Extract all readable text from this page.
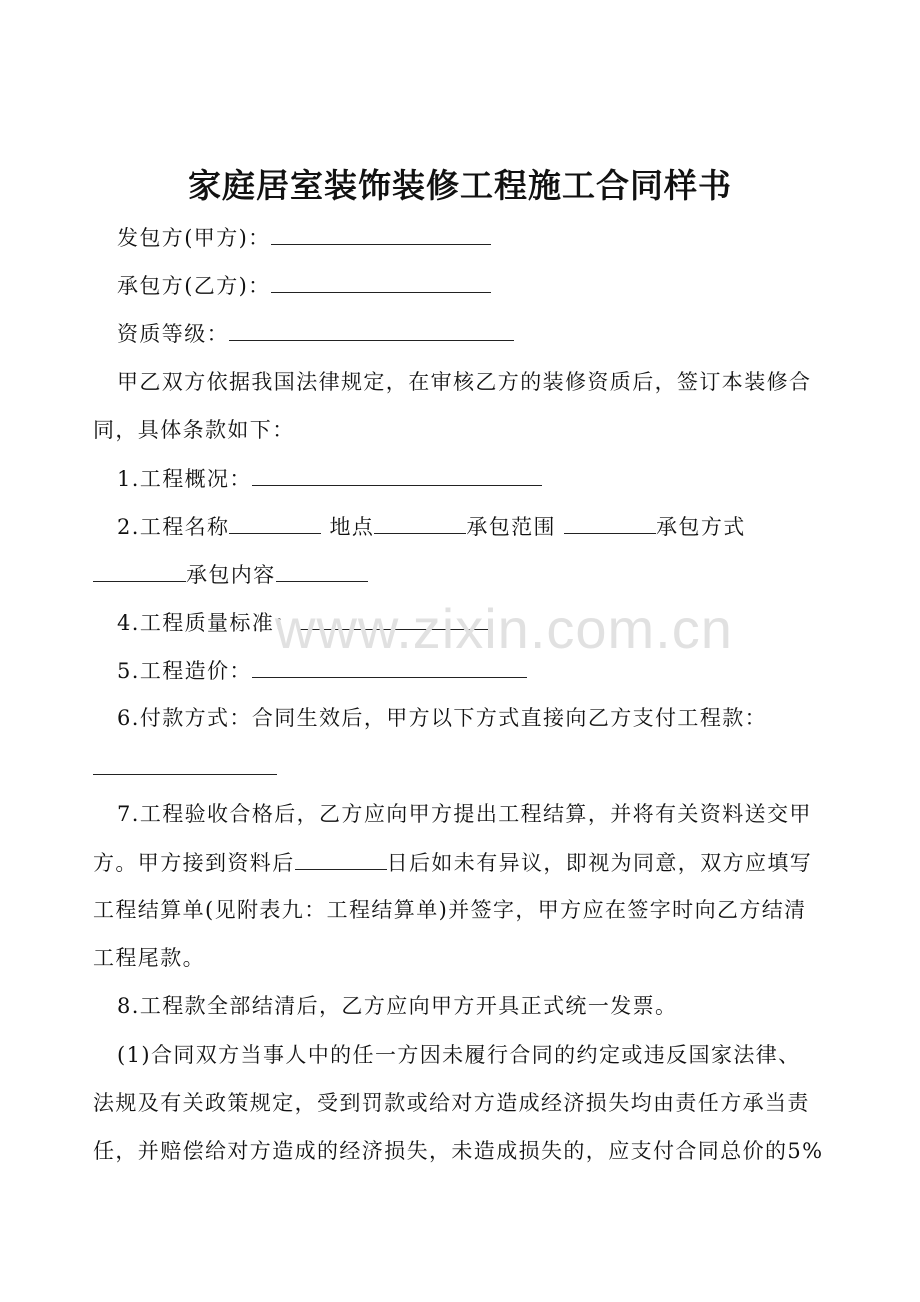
家庭居室装饰装修工程施工合同样书
发包方(甲方)：
承包方(乙方)：
资质等级：
甲乙双方依据我国法律规定，在审核乙方的装修资质后，签订本装修合
同，具体条款如下：
1.工程概况：
2.工程名称	地点	承包范围	承包方式
承包内容
4.工程质量标准：
5.工程造价：
6.付款方式：合同生效后，甲方以下方式直接向乙方支付工程款：
7.工程验收合格后，乙方应向甲方提出工程结算，并将有关资料送交甲
方。甲方接到资料后	日后如未有异议，即视为同意，双方应填写
工程结算单(见附表九：工程结算单)并签字，甲方应在签字时向乙方结清
工程尾款。
8.工程款全部结清后，乙方应向甲方开具正式统一发票。
(1)合同双方当事人中的任一方因未履行合同的约定或违反国家法律、
法规及有关政策规定，受到罚款或给对方造成经济损失均由责任方承当责
任，并赔偿给对方造成的经济损失，未造成损失的，应支付合同总价的5%
www.zixin.com.cn
